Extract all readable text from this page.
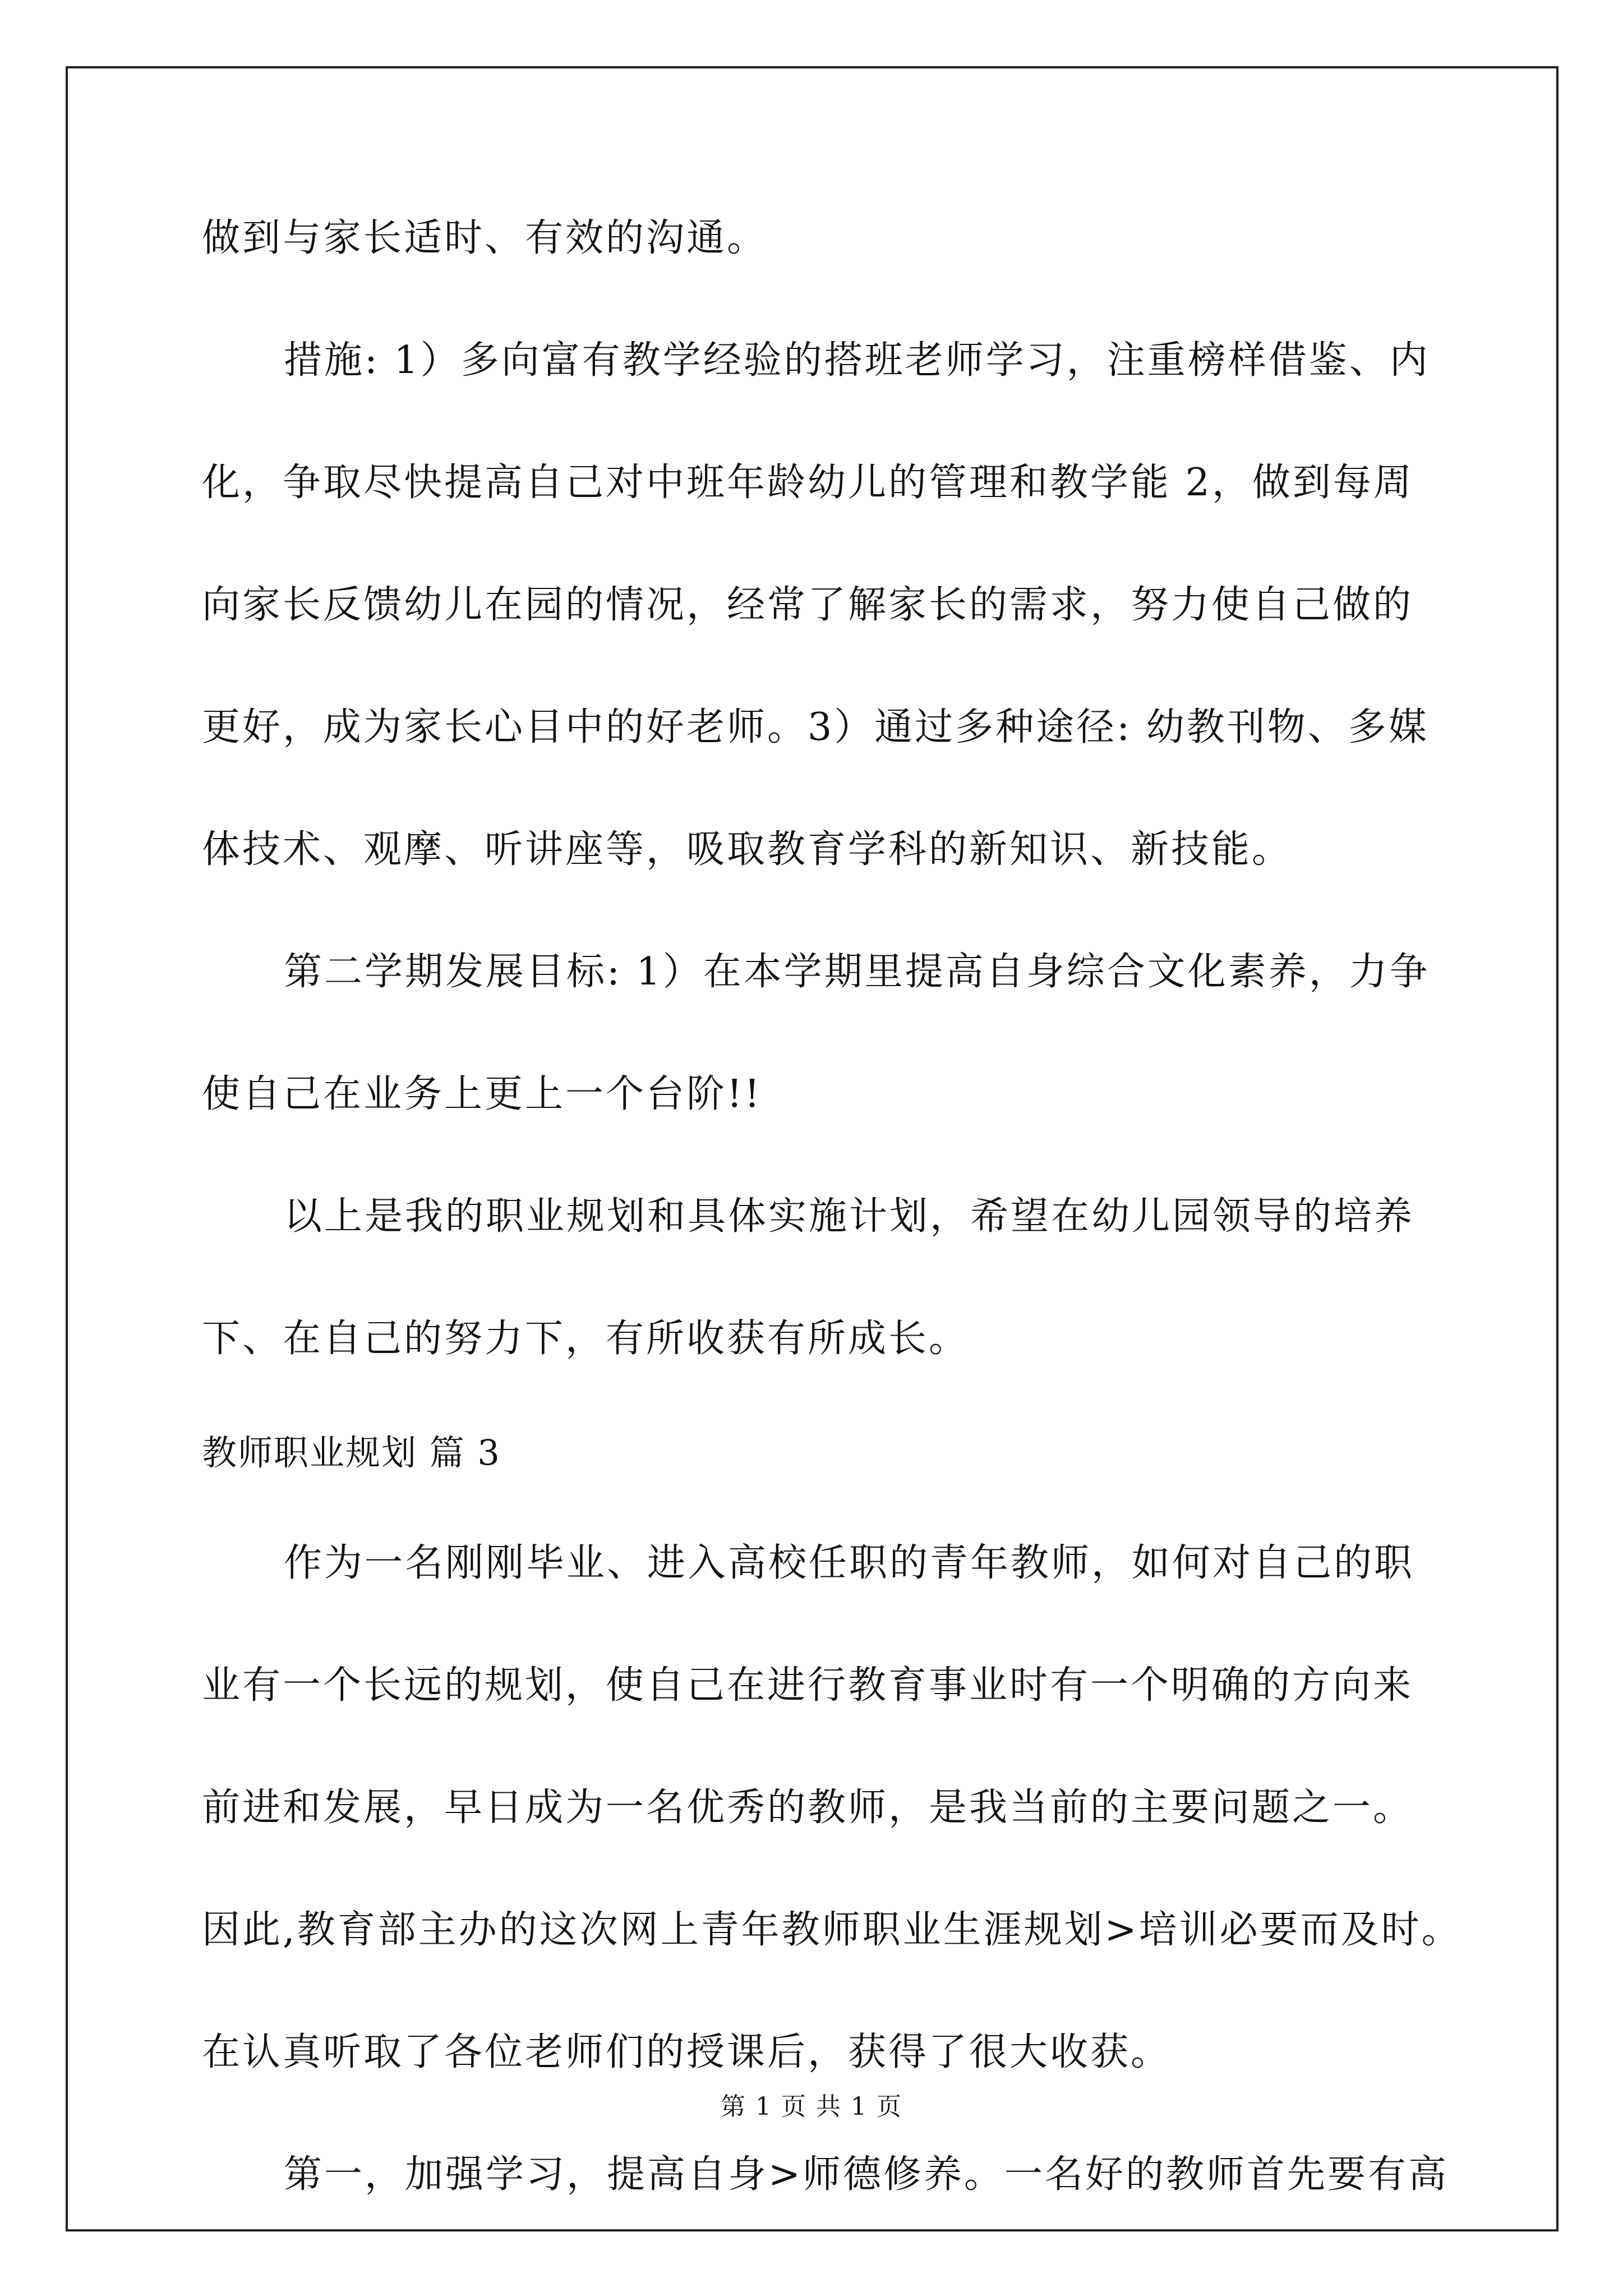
做到与家长适时、有效的沟通。
措施: 1）多向富有教学经验的搭班老师学习，注重榜样借鉴、内
化，争取尽快提高自己对中班年龄幼儿的管理和教学能 2，做到每周
向家长反馈幼儿在园的情况，经常了解家长的需求，努力使自己做的
更好，成为家长心目中的好老师。3）通过多种途径: 幼教刊物、多媒
体技术、观摩、听讲座等，吸取教育学科的新知识、新技能。
第二学期发展目标: 1）在本学期里提高自身综合文化素养，力争
使自己在业务上更上一个台阶!!
以上是我的职业规划和具体实施计划，希望在幼儿园领导的培养
下、在自己的努力下，有所收获有所成长。
教师职业规划 篇 3
作为一名刚刚毕业、进入高校任职的青年教师，如何对自己的职
业有一个长远的规划，使自己在进行教育事业时有一个明确的方向来
前进和发展，早日成为一名优秀的教师，是我当前的主要问题之一。
因此,教育部主办的这次网上青年教师职业生涯规划>培训必要而及时。
在认真听取了各位老师们的授课后，获得了很大收获。
第一，加强学习，提高自身>师德修养。一名好的教师首先要有高
第 1 页 共 1 页
